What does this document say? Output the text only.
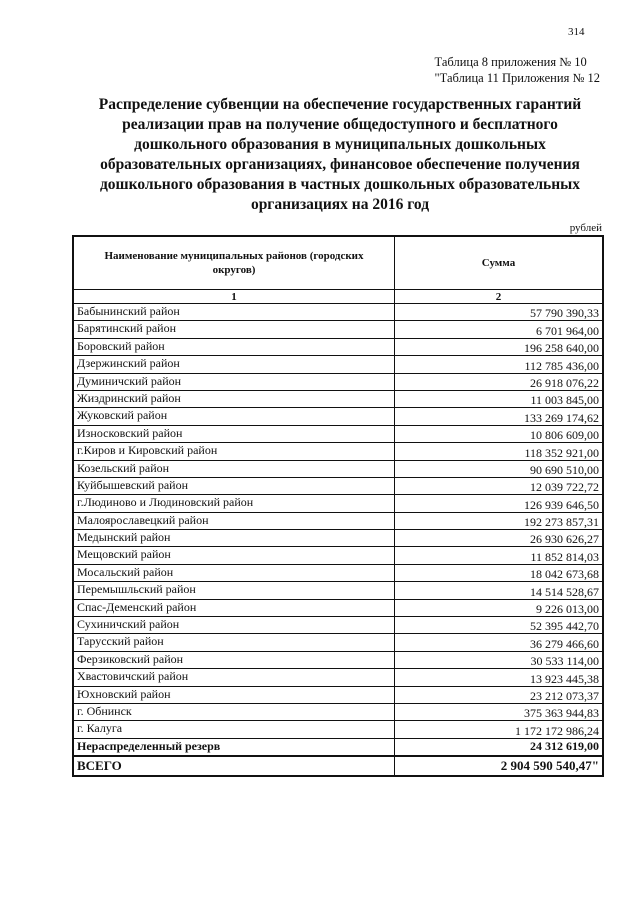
314
Таблица 8 приложения № 10
"Таблица 11 Приложения № 12
Распределение субвенции на обеспечение государственных гарантий реализации прав на получение общедоступного и бесплатного дошкольного образования в муниципальных дошкольных образовательных организациях, финансовое обеспечение получения дошкольного образования в частных дошкольных образовательных организациях на 2016 год
рублей
Наименование муниципальных районов (городских округов)	Сумма
1	2
Бабынинский район	57 790 390,33
Барятинский район	6 701 964,00
Боровский район	196 258 640,00
Дзержинский район	112 785 436,00
Думиничский район	26 918 076,22
Жиздринский район	11 003 845,00
Жуковский район	133 269 174,62
Износковский район	10 806 609,00
г.Киров и Кировский район	118 352 921,00
Козельский район	90 690 510,00
Куйбышевский район	12 039 722,72
г.Людиново и Людиновский район	126 939 646,50
Малоярославецкий район	192 273 857,31
Медынский район	26 930 626,27
Мещовский район	11 852 814,03
Мосальский район	18 042 673,68
Перемышльский район	14 514 528,67
Спас-Деменский район	9 226 013,00
Сухиничский район	52 395 442,70
Тарусский район	36 279 466,60
Ферзиковский район	30 533 114,00
Хвастовичский район	13 923 445,38
Юхновский район	23 212 073,37
г. Обнинск	375 363 944,83
г. Калуга	1 172 172 986,24
Нераспределенный резерв	24 312 619,00
ВСЕГО	2 904 590 540,47"
